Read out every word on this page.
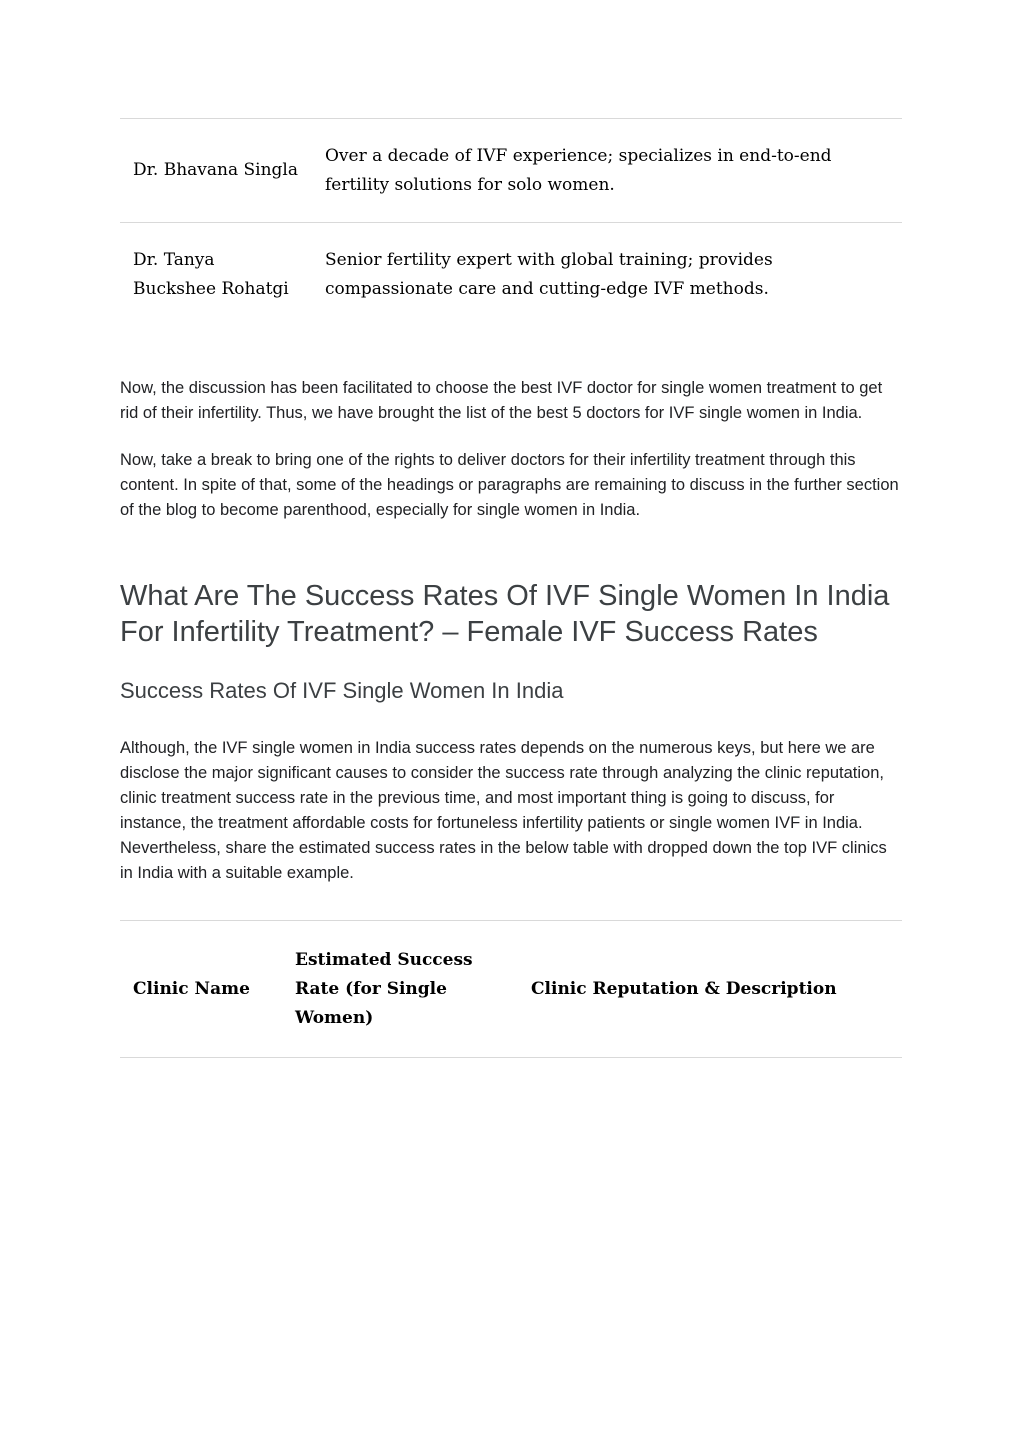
Dr. Bhavana Singla
Over a decade of IVF experience; specializes in end-to-end fertility solutions for solo women.
Dr. Tanya Buckshee Rohatgi
Senior fertility expert with global training; provides compassionate care and cutting-edge IVF methods.

Now, the discussion has been facilitated to choose the best IVF doctor for single women treatment to get rid of their infertility. Thus, we have brought the list of the best 5 doctors for IVF single women in India.

Now, take a break to bring one of the rights to deliver doctors for their infertility treatment through this content. In spite of that, some of the headings or paragraphs are remaining to discuss in the further section of the blog to become parenthood, especially for single women in India.

What Are The Success Rates Of IVF Single Women In India For Infertility Treatment? – Female IVF Success Rates
Success Rates Of IVF Single Women In India

Although, the IVF single women in India success rates depends on the numerous keys, but here we are disclose the major significant causes to consider the success rate through analyzing the clinic reputation, clinic treatment success rate in the previous time, and most important thing is going to discuss, for instance, the treatment affordable costs for fortuneless infertility patients or single women IVF in India. Nevertheless, share the estimated success rates in the below table with dropped down the top IVF clinics in India with a suitable example.

Clinic Name
Estimated Success Rate (for Single Women)
Clinic Reputation & Description
